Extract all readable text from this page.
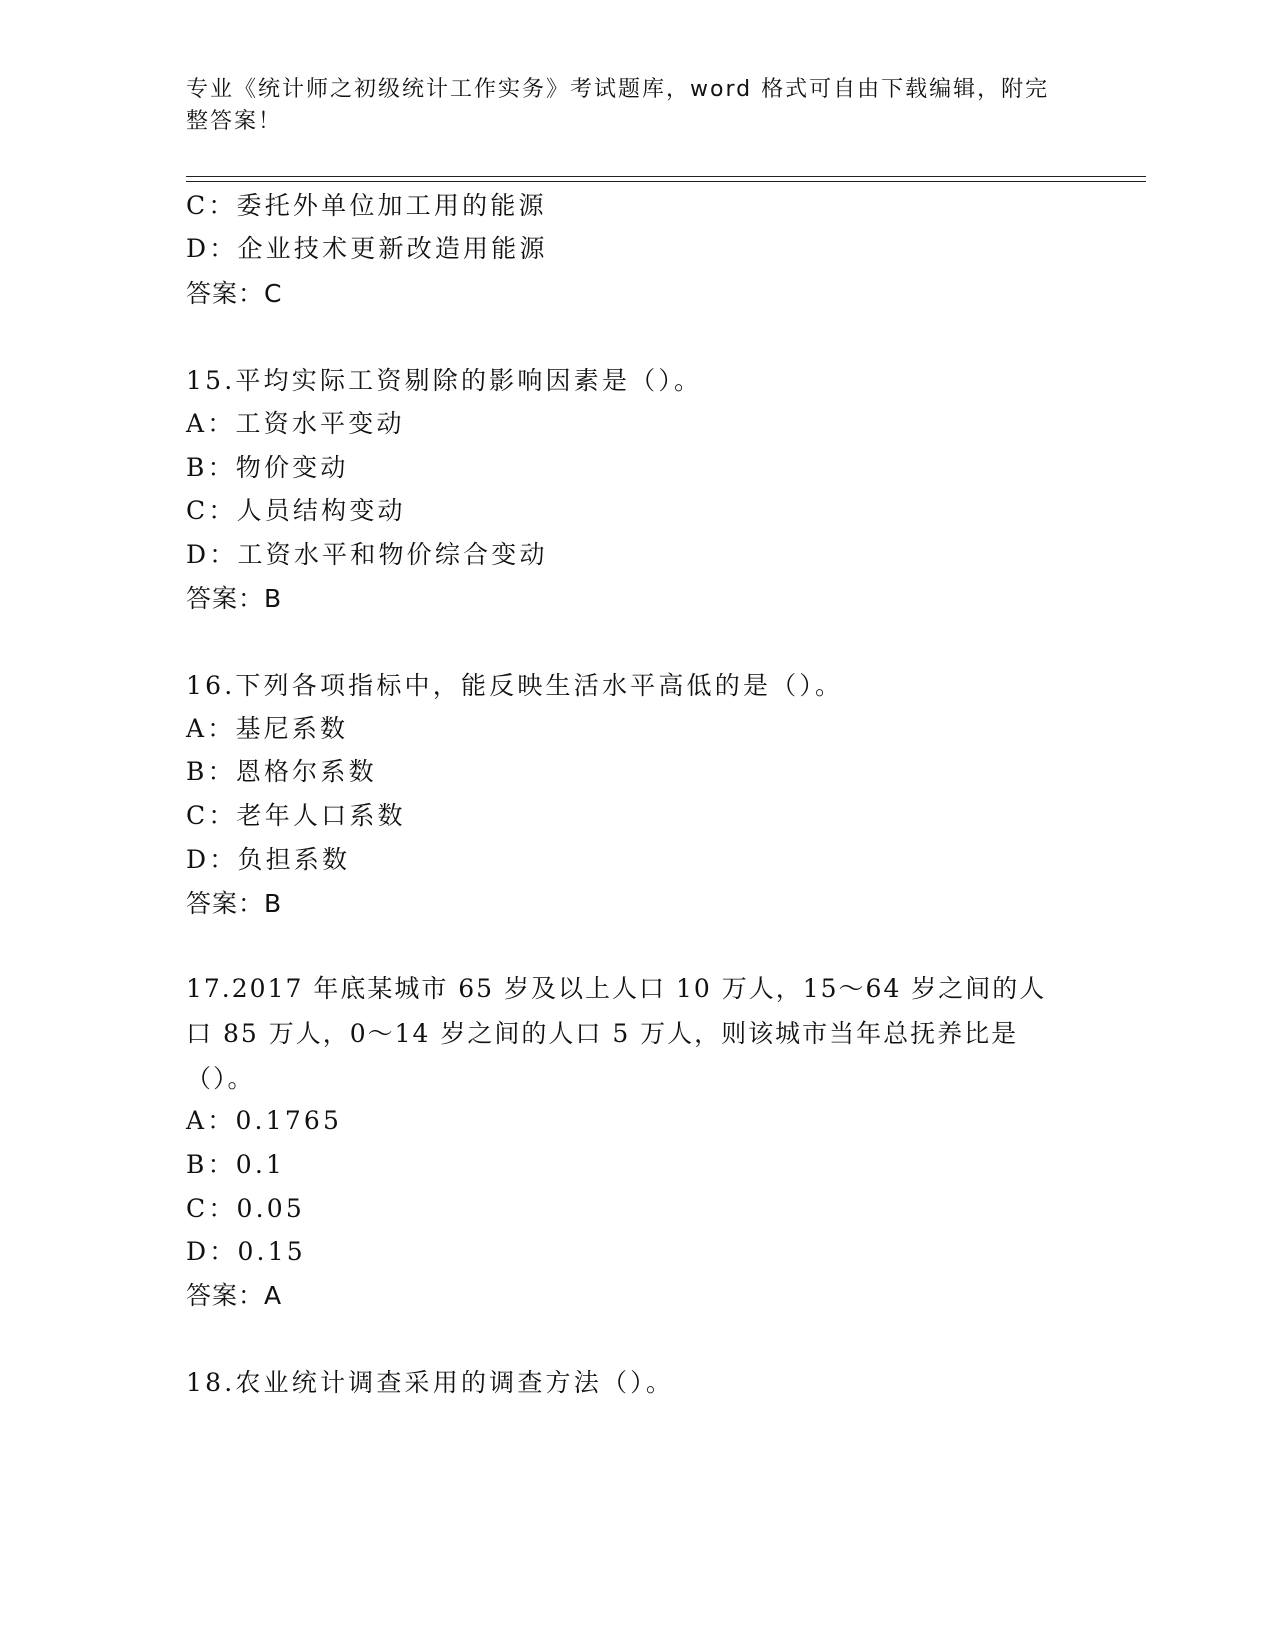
专业《统计师之初级统计工作实务》考试题库，word 格式可自由下载编辑，附完整答案！
C：委托外单位加工用的能源
D：企业技术更新改造用能源
答案：C
15.平均实际工资剔除的影响因素是（）。
A：工资水平变动
B：物价变动
C：人员结构变动
D：工资水平和物价综合变动
答案：B
16.下列各项指标中，能反映生活水平高低的是（）。
A：基尼系数
B：恩格尔系数
C：老年人口系数
D：负担系数
答案：B
17.2017 年底某城市 65 岁及以上人口 10 万人，15～64 岁之间的人口 85 万人，0～14 岁之间的人口 5 万人，则该城市当年总抚养比是（）。
A：0.1765
B：0.1
C：0.05
D：0.15
答案：A
18.农业统计调查采用的调查方法（）。
